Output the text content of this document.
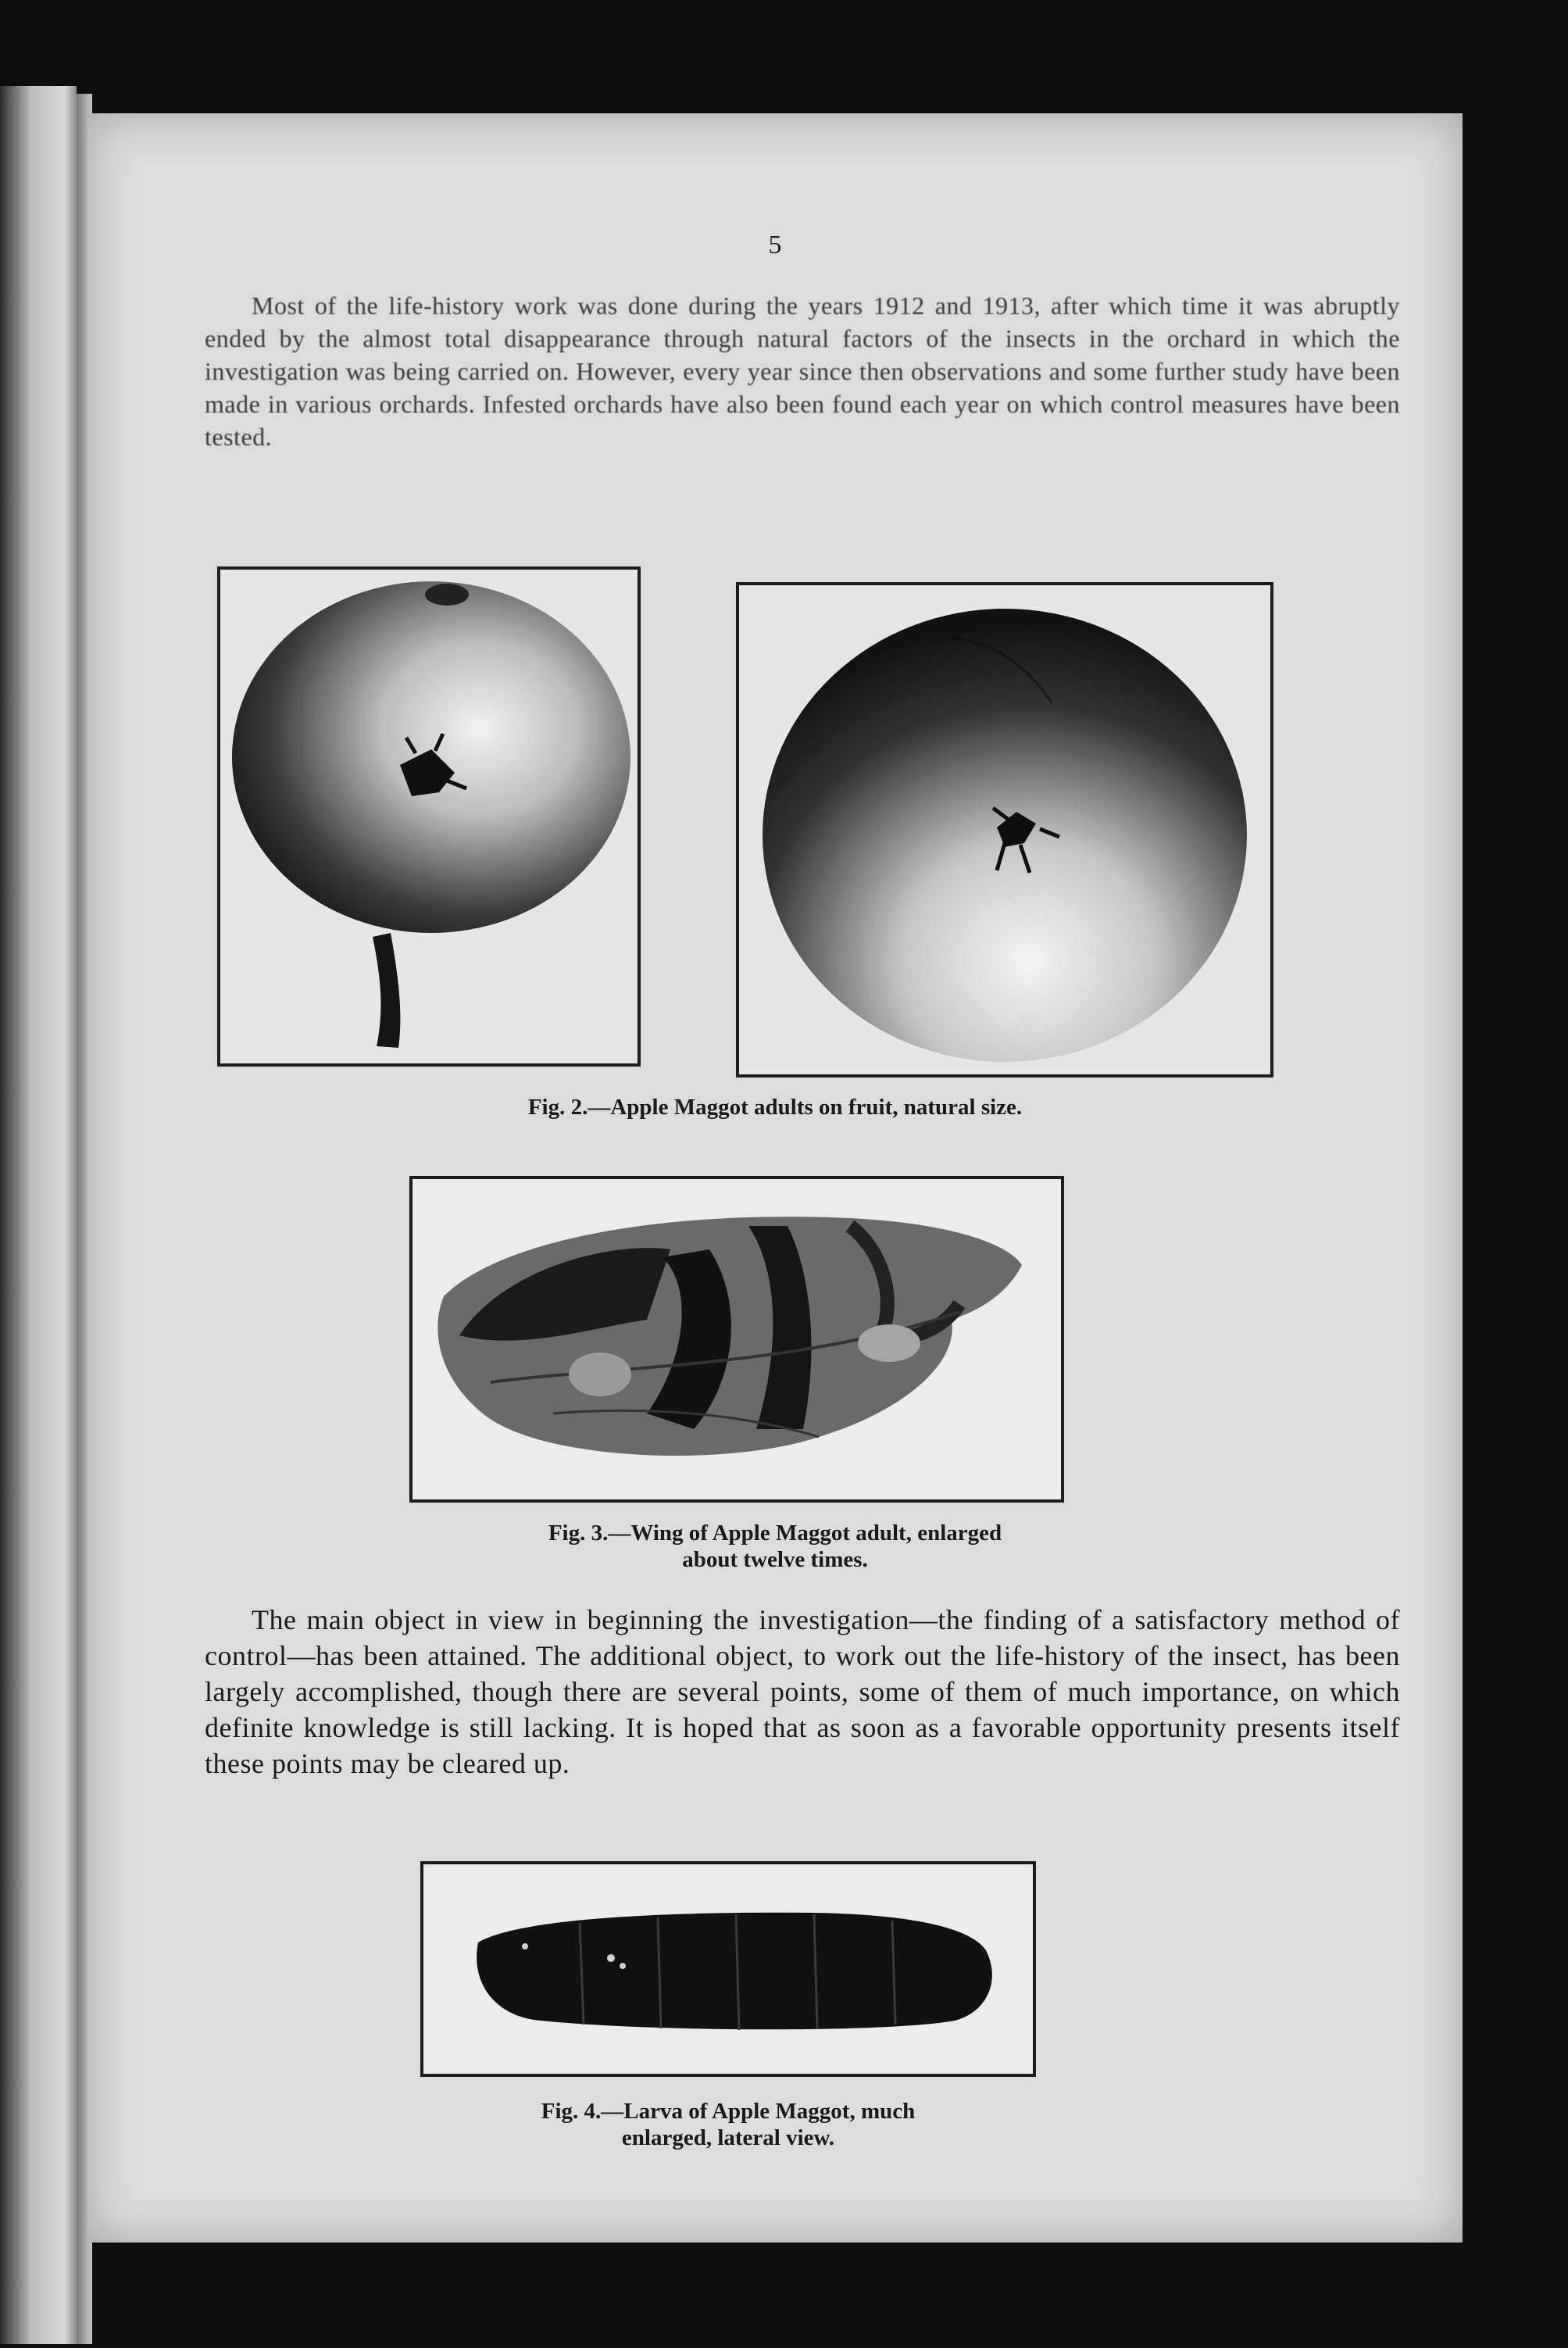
5
Most of the life-history work was done during the years 1912 and 1913, after which time it was abruptly ended by the almost total disappearance through natural factors of the insects in the orchard in which the investigation was being carried on. However, every year since then observations and some further study have been made in various orchards. Infested orchards have also been found each year on which control measures have been tested.
Fig. 2.—Apple Maggot adults on fruit, natural size.
Fig. 3.—Wing of Apple Maggot adult, enlarged
about twelve times.
The main object in view in beginning the investigation—the finding of a satisfactory method of control—has been attained. The additional object, to work out the life-history of the insect, has been largely accomplished, though there are several points, some of them of much importance, on which definite knowledge is still lacking. It is hoped that as soon as a favorable opportunity presents itself these points may be cleared up.
Fig. 4.—Larva of Apple Maggot, much
enlarged, lateral view.
